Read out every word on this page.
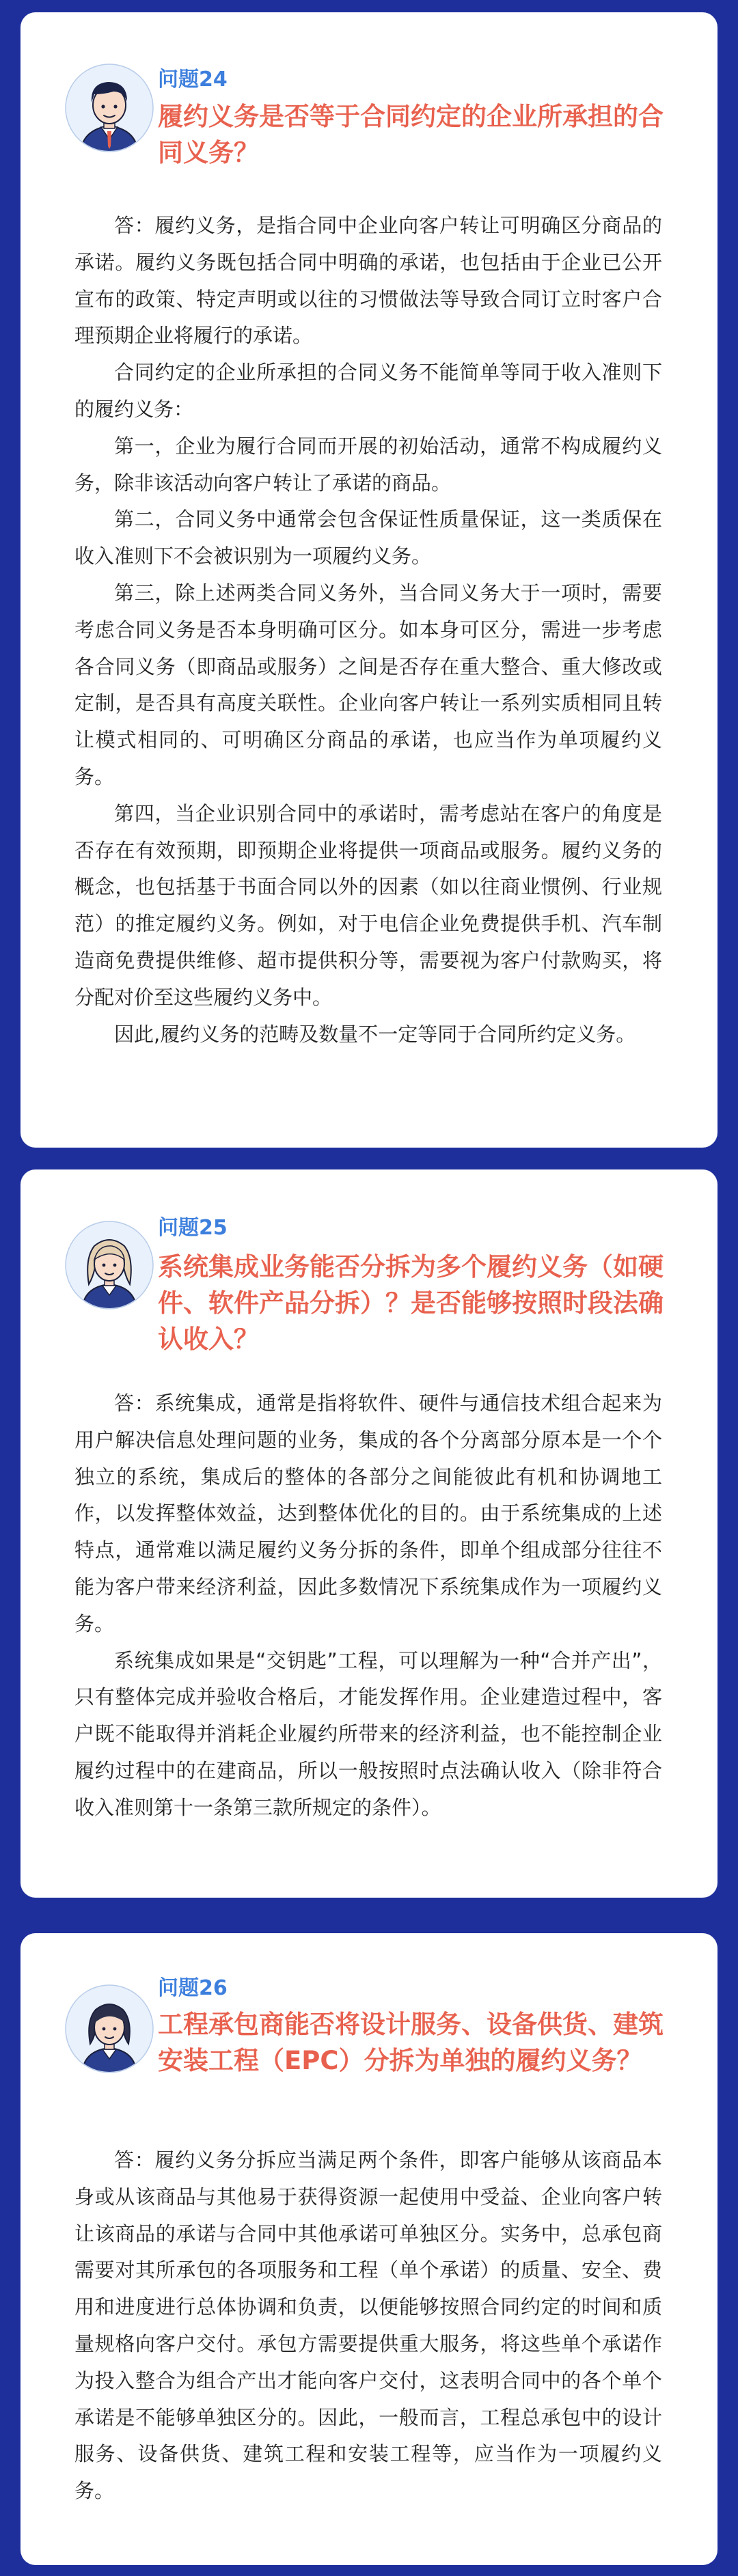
问题24
履约义务是否等于合同约定的企业所承担的合同义务？

答：履约义务，是指合同中企业向客户转让可明确区分商品的承诺。履约义务既包括合同中明确的承诺，也包括由于企业已公开宣布的政策、特定声明或以往的习惯做法等导致合同订立时客户合理预期企业将履行的承诺。

合同约定的企业所承担的合同义务不能简单等同于收入准则下的履约义务：

第一，企业为履行合同而开展的初始活动，通常不构成履约义务，除非该活动向客户转让了承诺的商品。

第二，合同义务中通常会包含保证性质量保证，这一类质保在收入准则下不会被识别为一项履约义务。

第三，除上述两类合同义务外，当合同义务大于一项时，需要考虑合同义务是否本身明确可区分。如本身可区分，需进一步考虑各合同义务（即商品或服务）之间是否存在重大整合、重大修改或定制，是否具有高度关联性。企业向客户转让一系列实质相同且转让模式相同的、可明确区分商品的承诺，也应当作为单项履约义务。

第四，当企业识别合同中的承诺时，需考虑站在客户的角度是否存在有效预期，即预期企业将提供一项商品或服务。履约义务的概念，也包括基于书面合同以外的因素（如以往商业惯例、行业规范）的推定履约义务。例如，对于电信企业免费提供手机、汽车制造商免费提供维修、超市提供积分等，需要视为客户付款购买，将分配对价至这些履约义务中。

因此,履约义务的范畴及数量不一定等同于合同所约定义务。

问题25
系统集成业务能否分拆为多个履约义务（如硬件、软件产品分拆）？是否能够按照时段法确认收入？

答：系统集成，通常是指将软件、硬件与通信技术组合起来为用户解决信息处理问题的业务，集成的各个分离部分原本是一个个独立的系统，集成后的整体的各部分之间能彼此有机和协调地工作，以发挥整体效益，达到整体优化的目的。由于系统集成的上述特点，通常难以满足履约义务分拆的条件，即单个组成部分往往不能为客户带来经济利益，因此多数情况下系统集成作为一项履约义务。

系统集成如果是“交钥匙”工程，可以理解为一种“合并产出”，只有整体完成并验收合格后，才能发挥作用。企业建造过程中，客户既不能取得并消耗企业履约所带来的经济利益，也不能控制企业履约过程中的在建商品，所以一般按照时点法确认收入（除非符合收入准则第十一条第三款所规定的条件）。

问题26
工程承包商能否将设计服务、设备供货、建筑安装工程（EPC）分拆为单独的履约义务？

答：履约义务分拆应当满足两个条件，即客户能够从该商品本身或从该商品与其他易于获得资源一起使用中受益、企业向客户转让该商品的承诺与合同中其他承诺可单独区分。实务中，总承包商需要对其所承包的各项服务和工程（单个承诺）的质量、安全、费用和进度进行总体协调和负责，以便能够按照合同约定的时间和质量规格向客户交付。承包方需要提供重大服务，将这些单个承诺作为投入整合为组合产出才能向客户交付，这表明合同中的各个单个承诺是不能够单独区分的。因此，一般而言，工程总承包中的设计服务、设备供货、建筑工程和安装工程等，应当作为一项履约义务。
